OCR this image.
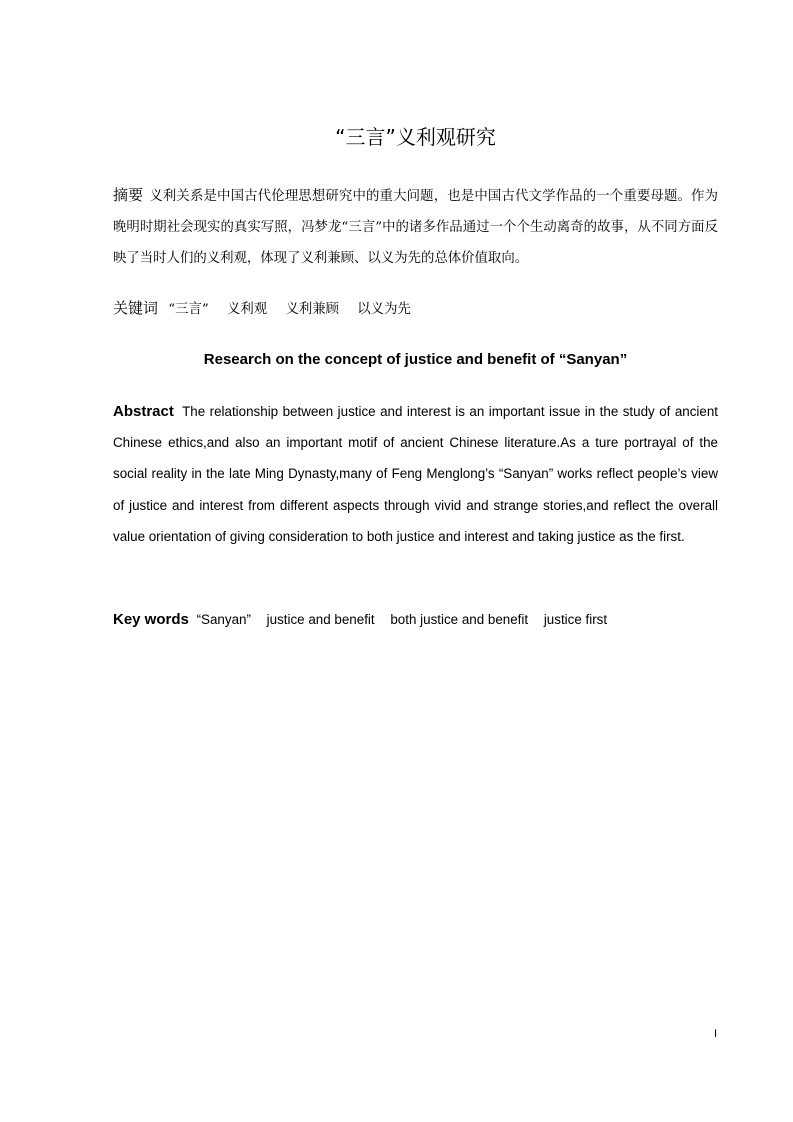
“三言”义利观研究

摘要 义利关系是中国古代伦理思想研究中的重大问题，也是中国古代文学作品的一个重要母题。作为晚明时期社会现实的真实写照，冯梦龙“三言”中的诸多作品通过一个个生动离奇的故事，从不同方面反映了当时人们的义利观，体现了义利兼顾、以义为先的总体价值取向。

关键词 “三言” 义利观 义利兼顾 以义为先

Research on the concept of justice and benefit of “Sanyan”

Abstract The relationship between justice and interest is an important issue in the study of ancient Chinese ethics,and also an important motif of ancient Chinese literature.As a ture portrayal of the social reality in the late Ming Dynasty,many of Feng Menglong’s “Sanyan” works reflect people’s view of justice and interest from different aspects through vivid and strange stories,and reflect the overall value orientation of giving consideration to both justice and interest and taking justice as the first.

Key words “Sanyan” justice and benefit both justice and benefit justice first

I
